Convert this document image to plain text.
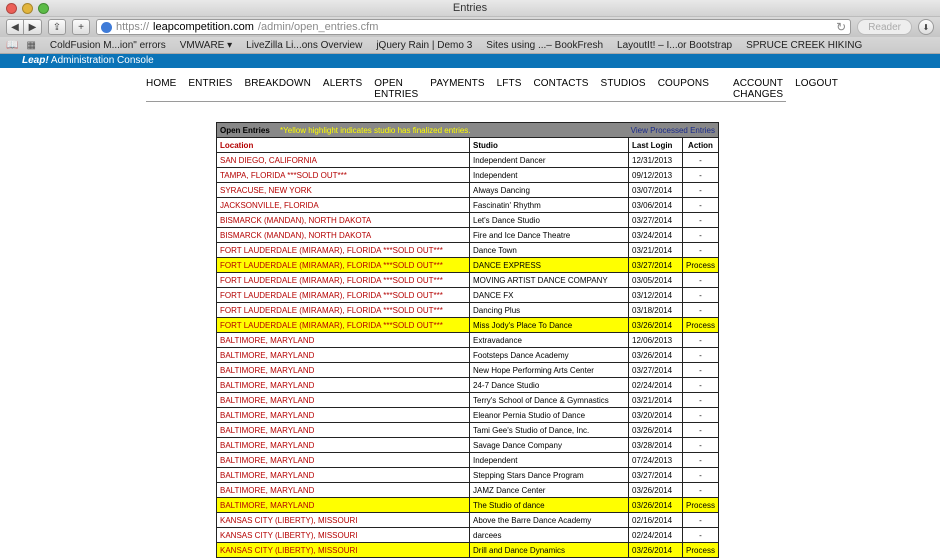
Entries
◀ ▶	⇪	+	https:// leapcompetition.com /admin/open_entries.cfm	↻	Reader	⬇
📖 ▦ ColdFusion M...ion" errors VMWARE ▾ LiveZilla Li...ons Overview jQuery Rain | Demo 3 Sites using ...– BookFresh LayoutIt! – I...or Bootstrap SPRUCE CREEK HIKING
Leap! Administration Console
HOME ENTRIES BREAKDOWN ALERTS OPEN ENTRIES
PAYMENTS LFTS CONTACTS STUDIOS COUPONS ACCOUNT CHANGES
LOGOUT
Open Entries *Yellow highlight indicates studio has finalized entries. View Processed Entries			

Location	Studio	Last Login	Action
SAN DIEGO, CALIFORNIA	Independent Dancer	12/31/2013	-
TAMPA, FLORIDA ***SOLD OUT***	Independent	09/12/2013	-
SYRACUSE, NEW YORK	Always Dancing	03/07/2014	-
JACKSONVILLE, FLORIDA	Fascinatin' Rhythm	03/06/2014	-
BISMARCK (MANDAN), NORTH DAKOTA	Let's Dance Studio	03/27/2014	-
BISMARCK (MANDAN), NORTH DAKOTA	Fire and Ice Dance Theatre	03/24/2014	-
FORT LAUDERDALE (MIRAMAR), FLORIDA ***SOLD OUT***	Dance Town	03/21/2014	-
FORT LAUDERDALE (MIRAMAR), FLORIDA ***SOLD OUT***	DANCE EXPRESS	03/27/2014	Process
FORT LAUDERDALE (MIRAMAR), FLORIDA ***SOLD OUT***	MOVING ARTIST DANCE COMPANY	03/05/2014	-
FORT LAUDERDALE (MIRAMAR), FLORIDA ***SOLD OUT***	DANCE FX	03/12/2014	-
FORT LAUDERDALE (MIRAMAR), FLORIDA ***SOLD OUT***	Dancing Plus	03/18/2014	-
FORT LAUDERDALE (MIRAMAR), FLORIDA ***SOLD OUT***	Miss Jody's Place To Dance	03/26/2014	Process
BALTIMORE, MARYLAND	Extravadance	12/06/2013	-
BALTIMORE, MARYLAND	Footsteps Dance Academy	03/26/2014	-
BALTIMORE, MARYLAND	New Hope Performing Arts Center	03/27/2014	-
BALTIMORE, MARYLAND	24-7 Dance Studio	02/24/2014	-
BALTIMORE, MARYLAND	Terry's School of Dance & Gymnastics	03/21/2014	-
BALTIMORE, MARYLAND	Eleanor Pernia Studio of Dance	03/20/2014	-
BALTIMORE, MARYLAND	Tami Gee's Studio of Dance, Inc.	03/26/2014	-
BALTIMORE, MARYLAND	Savage Dance Company	03/28/2014	-
BALTIMORE, MARYLAND	Independent	07/24/2013	-
BALTIMORE, MARYLAND	Stepping Stars Dance Program	03/27/2014	-
BALTIMORE, MARYLAND	JAMZ Dance Center	03/26/2014	-
BALTIMORE, MARYLAND	The Studio of dance	03/26/2014	Process
KANSAS CITY (LIBERTY), MISSOURI	Above the Barre Dance Academy	02/16/2014	-
KANSAS CITY (LIBERTY), MISSOURI	darcees	02/24/2014	-
KANSAS CITY (LIBERTY), MISSOURI	Drill and Dance Dynamics	03/26/2014	Process
